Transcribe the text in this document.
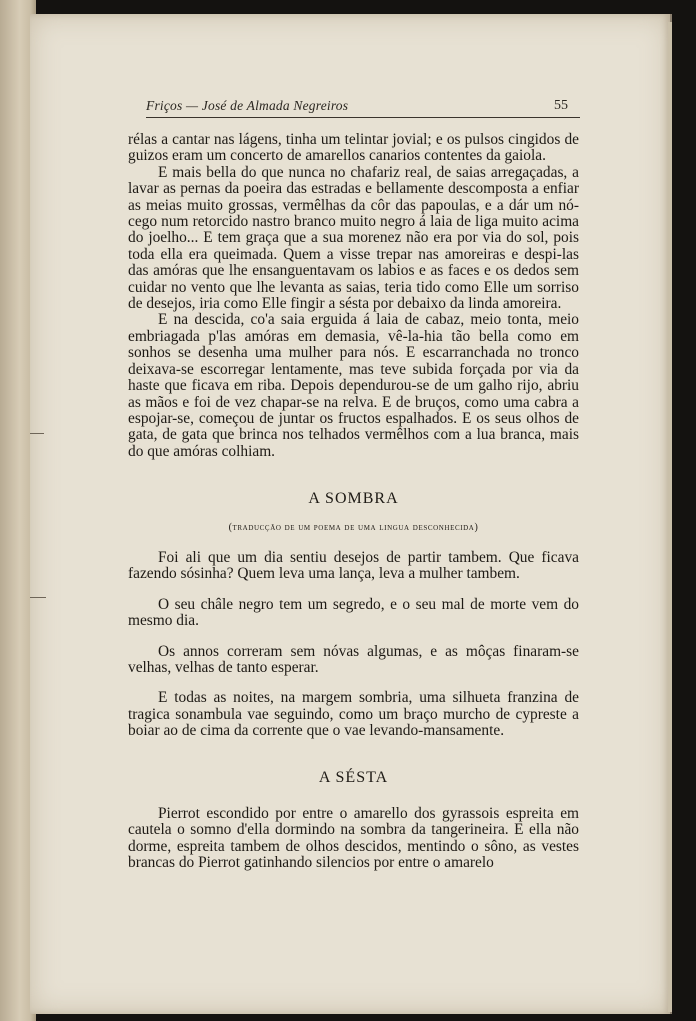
Friços — José de Almada Negreiros	55

rélas a cantar nas lágens, tinha um telintar jovial; e os pulsos cingidos de guizos eram um concerto de amarellos canarios contentes da gaiola.

E mais bella do que nunca no chafariz real, de saias arregaçadas, a lavar as pernas da poeira das estradas e bellamente descomposta a enfiar as meias muito grossas, vermêlhas da côr das papoulas, e a dár um nó-cego num retorcido nastro branco muito negro á laia de liga muito acima do joelho... E tem graça que a sua morenez não era por via do sol, pois toda ella era queimada. Quem a visse trepar nas amoreiras e despi-las das amóras que lhe ensanguentavam os labios e as faces e os dedos sem cuidar no vento que lhe levanta as saias, teria tido como Elle um sorriso de desejos, iria como Elle fingir a sésta por debaixo da linda amoreira.

E na descida, co'a saia erguida á laia de cabaz, meio tonta, meio embriagada p'las amóras em demasia, vê-la-hia tão bella como em sonhos se desenha uma mulher para nós. E escarranchada no tronco deixava-se escorregar lentamente, mas teve subida forçada por via da haste que ficava em riba. Depois dependurou-se de um galho rijo, abriu as mãos e foi de vez chapar-se na relva. E de bruços, como uma cabra a espojar-se, começou de juntar os fructos espalhados. E os seus olhos de gata, de gata que brinca nos telhados vermêlhos com a lua branca, mais do que amóras colhiam.

A SOMBRA

(traducção de um poema de uma lingua desconhecida)

Foi ali que um dia sentiu desejos de partir tambem. Que ficava fazendo sósinha? Quem leva uma lança, leva a mulher tambem.

O seu châle negro tem um segredo, e o seu mal de morte vem do mesmo dia.

Os annos correram sem nóvas algumas, e as môças finaram-se velhas, velhas de tanto esperar.

E todas as noites, na margem sombria, uma silhueta franzina de tragica sonambula vae seguindo, como um braço murcho de cypreste a boiar ao de cima da corrente que o vae levando-mansamente.

A SÉSTA

Pierrot escondido por entre o amarello dos gyrassois espreita em cautela o somno d'ella dormindo na sombra da tangerineira. E ella não dorme, espreita tambem de olhos descidos, mentindo o sôno, as vestes brancas do Pierrot gatinhando silencios por entre o amarelo
